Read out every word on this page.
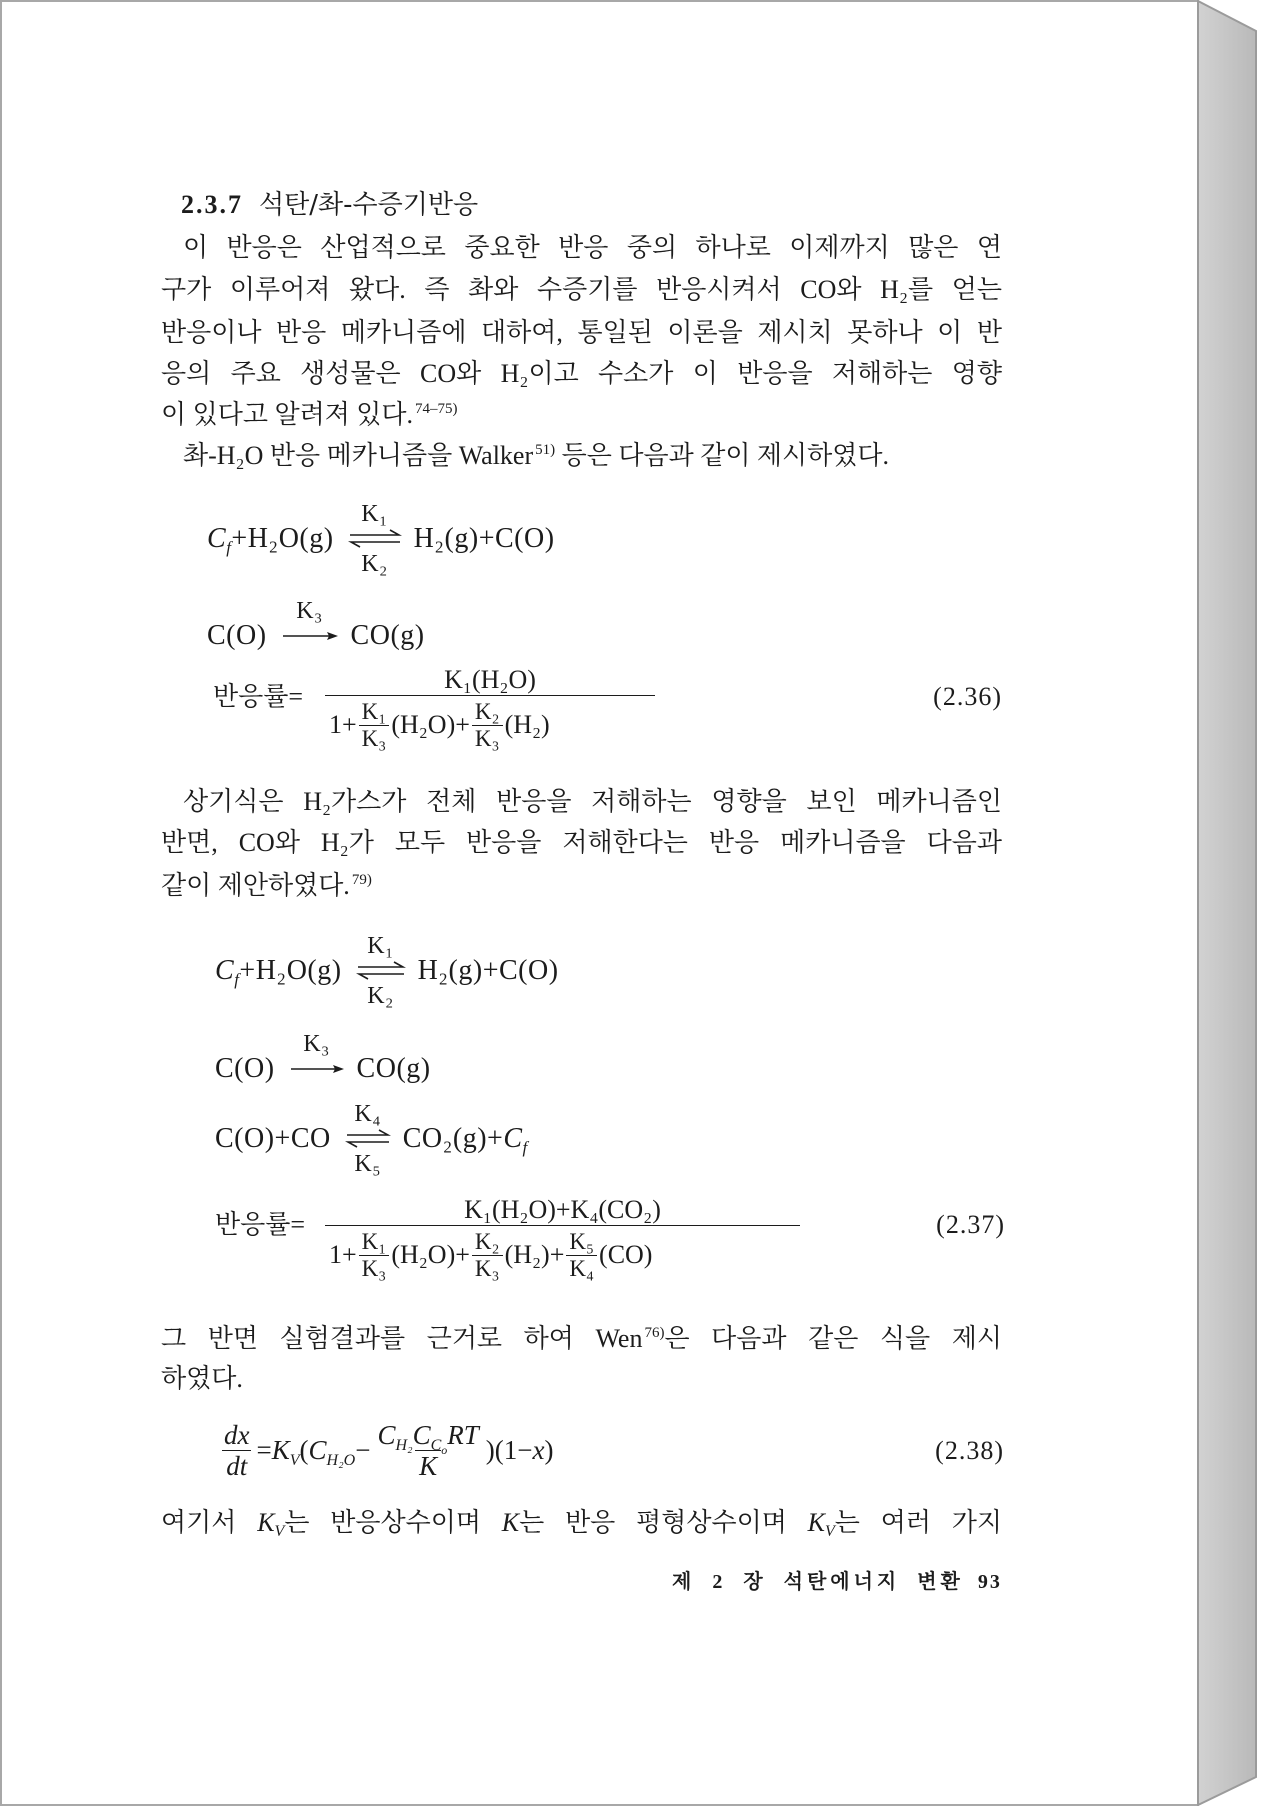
2.3.7 석탄/촤-수증기반응
이 반응은 산업적으로 중요한 반응 중의 하나로 이제까지 많은 연
구가 이루어져 왔다. 즉 촤와 수증기를 반응시켜서 CO와 H₂를 얻는
반응이나 반응 메카니즘에 대하여, 통일된 이론을 제시치 못하나 이 반
응의 주요 생성물은 CO와 H₂이고 수소가 이 반응을 저해하는 영향
이 있다고 알려져 있다. $^{74-75)}$
촤-H₂O 반응 메카니즘을 Walker $^{51)}$ 등은 다음과 같이 제시하였다.
$C_f+H_2O(g)$
K₁
K₂
H₂(g)+C(O)
C(O)
K₃
CO(g)
반응률= $\frac{\text{K₁(H₂O)}}{1+ \frac{\text{K₁}}{\text{K₃}} (H_2O)+ \frac{\text{K₂}}{\text{K₃}} (H_2)}$	(2.36)
상기식은 H₂가스가 전체 반응을 저해하는 영향을 보인 메카니즘인
반면, CO와 H₂가 모두 반응을 저해한다는 반응 메카니즘을 다음과
같이 제안하였다. $^{79)}$
$C_f+H_2O(g)$
K₁
K₂
H₂(g)+C(O)
C(O)
K₃
CO(g)
C(O)+CO
K₄
K₅
$CO_2(g)+C_f$
반응률= $\frac{\text{K₁(H₂O)+K₄(CO₂)}}{1+ \frac{\text{K₁}}{\text{K₃}} (H_2O)+ \frac{\text{K₂}}{\text{K₃}} (H_2)+ \frac{\text{K₅}}{\text{K₄}} (CO)}$	(2.37)
그 반면 실험결과를 근거로 하여 Wen $^{76)}$은 다음과 같은 식을 제시
하였다.
$\frac{dx}{dt} =K_V(C_{H_2O}- \frac{C_{H_2}C_{C_o}RT}{K} )(1-x)$	(2.38)
여기서 $K_V$는 반응상수이며 K는 반응 평형상수이며 $K_V$는 여러 가지
제 2 장 석탄에너지 변환 93
